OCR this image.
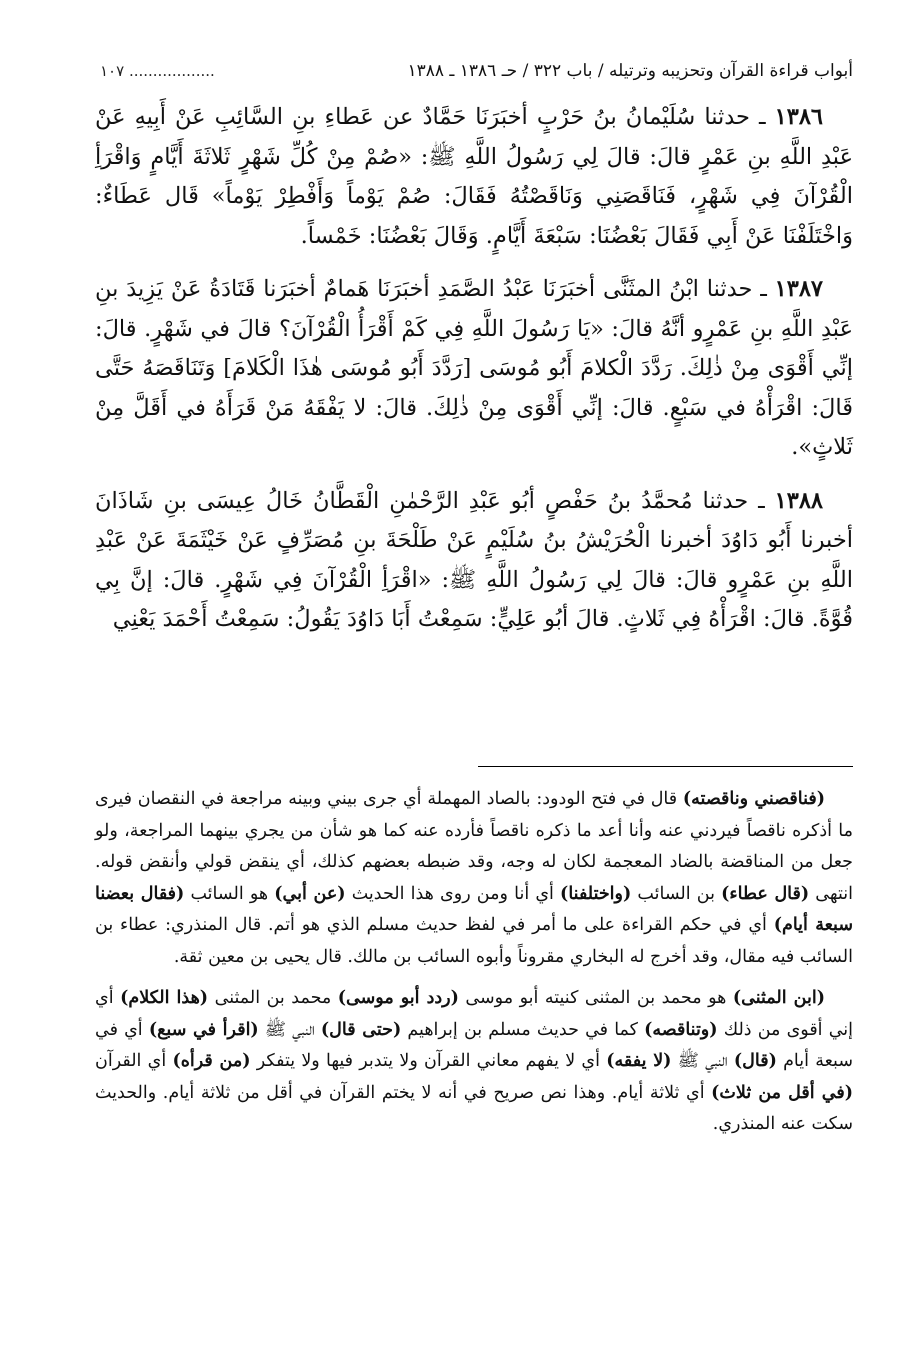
أبواب قراءة القرآن وتحزيبه وترتيله / باب ٣٢٢ / حـ ١٣٨٦ ـ ١٣٨٨
١٠٧ ..................

١٣٨٦ ـ حدثنا سُلَيْمانُ بنُ حَرْبٍ أخبَرَنَا حَمَّادٌ عن عَطاءِ بنِ السَّائِبِ عَنْ أَبِيهِ عَنْ عَبْدِ اللَّهِ بنِ عَمْرٍ قالَ: قالَ لِي رَسُولُ اللَّهِ ﷺ: «صُمْ مِنْ كُلِّ شَهْرٍ ثَلاثَةَ أَيَّامٍ وَاقْرَأِ الْقُرْآنَ فِي شَهْرٍ، فَنَاقَصَنِي وَنَاقَصْتُهُ فَقَالَ: صُمْ يَوْماً وَأَفْطِرْ يَوْماً» قَال عَطَاءٌ: وَاخْتَلَفْنَا عَنْ أَبِي فَقَالَ بَعْضُنَا: سَبْعَةَ أَيَّامٍ. وَقَالَ بَعْضُنَا: خَمْساً.

١٣٨٧ ـ حدثنا ابْنُ المثَنَّى أخبَرَنَا عَبْدُ الصَّمَدِ أخبَرَنَا هَمامٌ أخبَرَنا قَتَادَةُ عَنْ يَزِيدَ بنِ عَبْدِ اللَّهِ بنِ عَمْرٍو أنَّهُ قالَ: «يَا رَسُولَ اللَّهِ فِي كَمْ أَقْرَأُ الْقُرْآنَ؟ قالَ في شَهْرٍ. قالَ: إنِّي أَقْوَى مِنْ ذٰلِكَ. رَدَّدَ الْكلامَ أَبُو مُوسَى [رَدَّدَ أَبُو مُوسَى هٰذَا الْكَلامَ] وَتَنَاقَصَهُ حَتَّى قَالَ: اقْرَأْهُ في سَبْعٍ. قالَ: إنِّي أَقْوَى مِنْ ذٰلِكَ. قالَ: لا يَفْقَهُ مَنْ قَرَأَهُ في أَقَلَّ مِنْ ثَلاثٍ».

١٣٨٨ ـ حدثنا مُحمَّدُ بنُ حَفْصٍ أبُو عَبْدِ الرَّحْمٰنِ الْقَطَّانُ خَالُ عِيسَى بنِ شَاذَانَ أخبرنا أَبُو دَاوُدَ أخبرنا الْحُرَيْشُ بنُ سُلَيْمٍ عَنْ طَلْحَةَ بنِ مُصَرِّفٍ عَنْ خَيْثَمَةَ عَنْ عَبْدِ اللَّهِ بنِ عَمْرٍو قالَ: قالَ لِي رَسُولُ اللَّهِ ﷺ: «اقْرَأِ الْقُرْآنَ فِي شَهْرٍ. قالَ: إنَّ بِي قُوَّةً. قالَ: اقْرَأْهُ فِي ثَلاثٍ. قالَ أبُو عَلِيٍّ: سَمِعْتُ أَبَا دَاوُدَ يَقُولُ: سَمِعْتُ أَحْمَدَ يَعْنِي

(فناقصني وناقصته) قال في فتح الودود: بالصاد المهملة أي جرى بيني وبينه مراجعة في النقصان فيرى ما أذكره ناقصاً فيردني عنه وأنا أعد ما ذكره ناقصاً فأرده عنه كما هو شأن من يجري بينهما المراجعة، ولو جعل من المناقضة بالضاد المعجمة لكان له وجه، وقد ضبطه بعضهم كذلك، أي ينقض قولي وأنقض قوله. انتهى (قال عطاء) بن السائب (واختلفنا) أي أنا ومن روى هذا الحديث (عن أبي) هو السائب (فقال بعضنا سبعة أيام) أي في حكم القراءة على ما أمر في لفظ حديث مسلم الذي هو أتم. قال المنذري: عطاء بن السائب فيه مقال، وقد أخرج له البخاري مقروناً وأبوه السائب بن مالك. قال يحيى بن معين ثقة.

(ابن المثنى) هو محمد بن المثنى كنيته أبو موسى (ردد أبو موسى) محمد بن المثنى (هذا الكلام) أي إني أقوى من ذلك (وتناقصه) كما في حديث مسلم بن إبراهيم (حتى قال) النبي ﷺ (اقرأ في سبع) أي في سبعة أيام (قال) النبي ﷺ (لا يفقه) أي لا يفهم معاني القرآن ولا يتدبر فيها ولا يتفكر (من قرأه) أي القرآن (في أقل من ثلاث) أي ثلاثة أيام. وهذا نص صريح في أنه لا يختم القرآن في أقل من ثلاثة أيام. والحديث سكت عنه المنذري.
